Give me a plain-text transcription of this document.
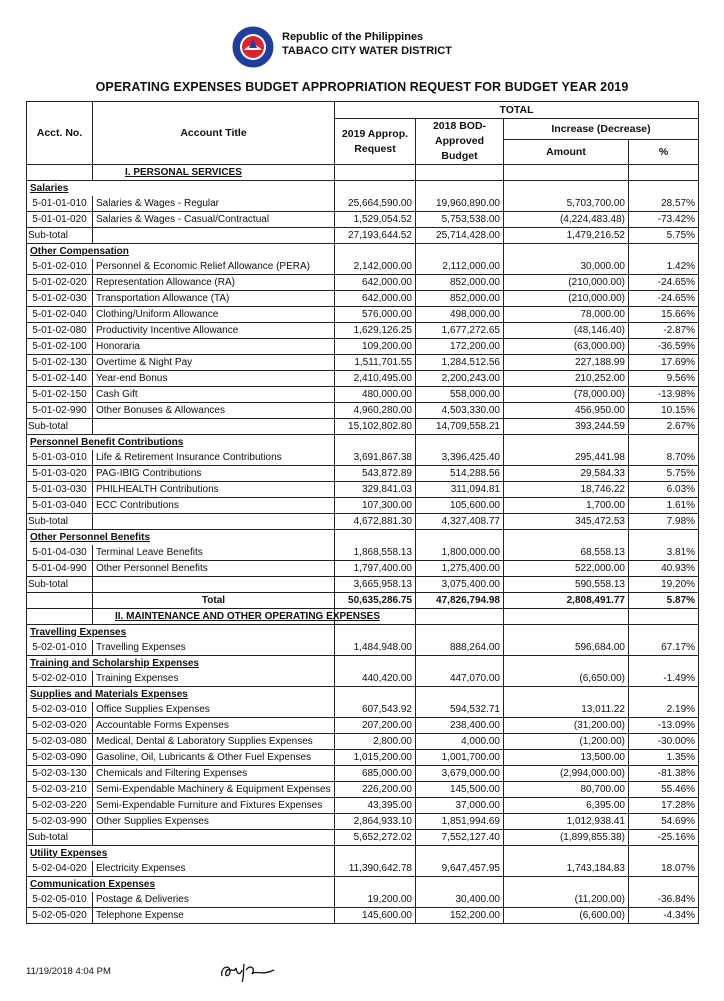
Republic of the Philippines
TABACO CITY WATER DISTRICT
OPERATING EXPENSES BUDGET APPROPRIATION REQUEST FOR BUDGET YEAR 2019
Acct. No.	Account Title	TOTAL			
		2019 Approp. Request	2018 BOD-Approved Budget	Increase (Decrease)	
				Amount	%
	I. PERSONAL SERVICES				
Salaries					
5-01-01-010	Salaries & Wages - Regular	25,664,590.00	19,960,890.00	5,703,700.00	28.57%
5-01-01-020	Salaries & Wages - Casual/Contractual	1,529,054.52	5,753,538.00	(4,224,483.48)	-73.42%
Sub-total		27,193,644.52	25,714,428.00	1,479,216.52	5.75%
Other Compensation					
5-01-02-010	Personnel & Economic Relief Allowance (PERA)	2,142,000.00	2,112,000.00	30,000.00	1.42%
5-01-02-020	Representation Allowance (RA)	642,000.00	852,000.00	(210,000.00)	-24.65%
5-01-02-030	Transportation Allowance (TA)	642,000.00	852,000.00	(210,000.00)	-24.65%
5-01-02-040	Clothing/Uniform Allowance	576,000.00	498,000.00	78,000.00	15.66%
5-01-02-080	Productivity Incentive Allowance	1,629,126.25	1,677,272.65	(48,146.40)	-2.87%
5-01-02-100	Honoraria	109,200.00	172,200.00	(63,000.00)	-36.59%
5-01-02-130	Overtime & Night Pay	1,511,701.55	1,284,512.56	227,188.99	17.69%
5-01-02-140	Year-end Bonus	2,410,495.00	2,200,243.00	210,252.00	9.56%
5-01-02-150	Cash Gift	480,000.00	558,000.00	(78,000.00)	-13.98%
5-01-02-990	Other Bonuses & Allowances	4,960,280.00	4,503,330.00	456,950.00	10.15%
Sub-total		15,102,802.80	14,709,558.21	393,244.59	2.67%
Personnel Benefit Contributions					
5-01-03-010	Life & Retirement Insurance Contributions	3,691,867.38	3,396,425.40	295,441.98	8.70%
5-01-03-020	PAG-IBIG Contributions	543,872.89	514,288.56	29,584.33	5.75%
5-01-03-030	PHILHEALTH Contributions	329,841.03	311,094.81	18,746.22	6.03%
5-01-03-040	ECC Contributions	107,300.00	105,600.00	1,700.00	1.61%
Sub-total		4,672,881.30	4,327,408.77	345,472.53	7.98%
Other Personnel Benefits					
5-01-04-030	Terminal Leave Benefits	1,868,558.13	1,800,000.00	68,558.13	3.81%
5-01-04-990	Other Personnel Benefits	1,797,400.00	1,275,400.00	522,000.00	40.93%
Sub-total		3,665,958.13	3,075,400.00	590,558.13	19.20%
	Total	50,635,286.75	47,826,794.98	2,808,491.77	5.87%
	II. MAINTENANCE AND OTHER OPERATING EXPENSES				
Travelling Expenses					
5-02-01-010	Travelling Expenses	1,484,948.00	888,264.00	596,684.00	67.17%
Training and Scholarship Expenses					
5-02-02-010	Training Expenses	440,420.00	447,070.00	(6,650.00)	-1.49%
Supplies and Materials Expenses					
5-02-03-010	Office Supplies Expenses	607,543.92	594,532.71	13,011.22	2.19%
5-02-03-020	Accountable Forms Expenses	207,200.00	238,400.00	(31,200.00)	-13.09%
5-02-03-080	Medical, Dental & Laboratory Supplies Expenses	2,800.00	4,000.00	(1,200.00)	-30.00%
5-02-03-090	Gasoline, Oil, Lubricants & Other Fuel Expenses	1,015,200.00	1,001,700.00	13,500.00	1.35%
5-02-03-130	Chemicals and Filtering Expenses	685,000.00	3,679,000.00	(2,994,000.00)	-81.38%
5-02-03-210	Semi-Expendable Machinery & Equipment Expenses	226,200.00	145,500.00	80,700.00	55.46%
5-02-03-220	Semi-Expendable Furniture and Fixtures Expenses	43,395.00	37,000.00	6,395.00	17.28%
5-02-03-990	Other Supplies Expenses	2,864,933.10	1,851,994.69	1,012,938.41	54.69%
Sub-total		5,652,272.02	7,552,127.40	(1,899,855.38)	-25.16%
Utility Expenses					
5-02-04-020	Electricity Expenses	11,390,642.78	9,647,457.95	1,743,184.83	18.07%
Communication Expenses					
5-02-05-010	Postage & Deliveries	19,200.00	30,400.00	(11,200.00)	-36.84%
5-02-05-020	Telephone Expense	145,600.00	152,200.00	(6,600.00)	-4.34%
11/19/2018 4:04 PM
